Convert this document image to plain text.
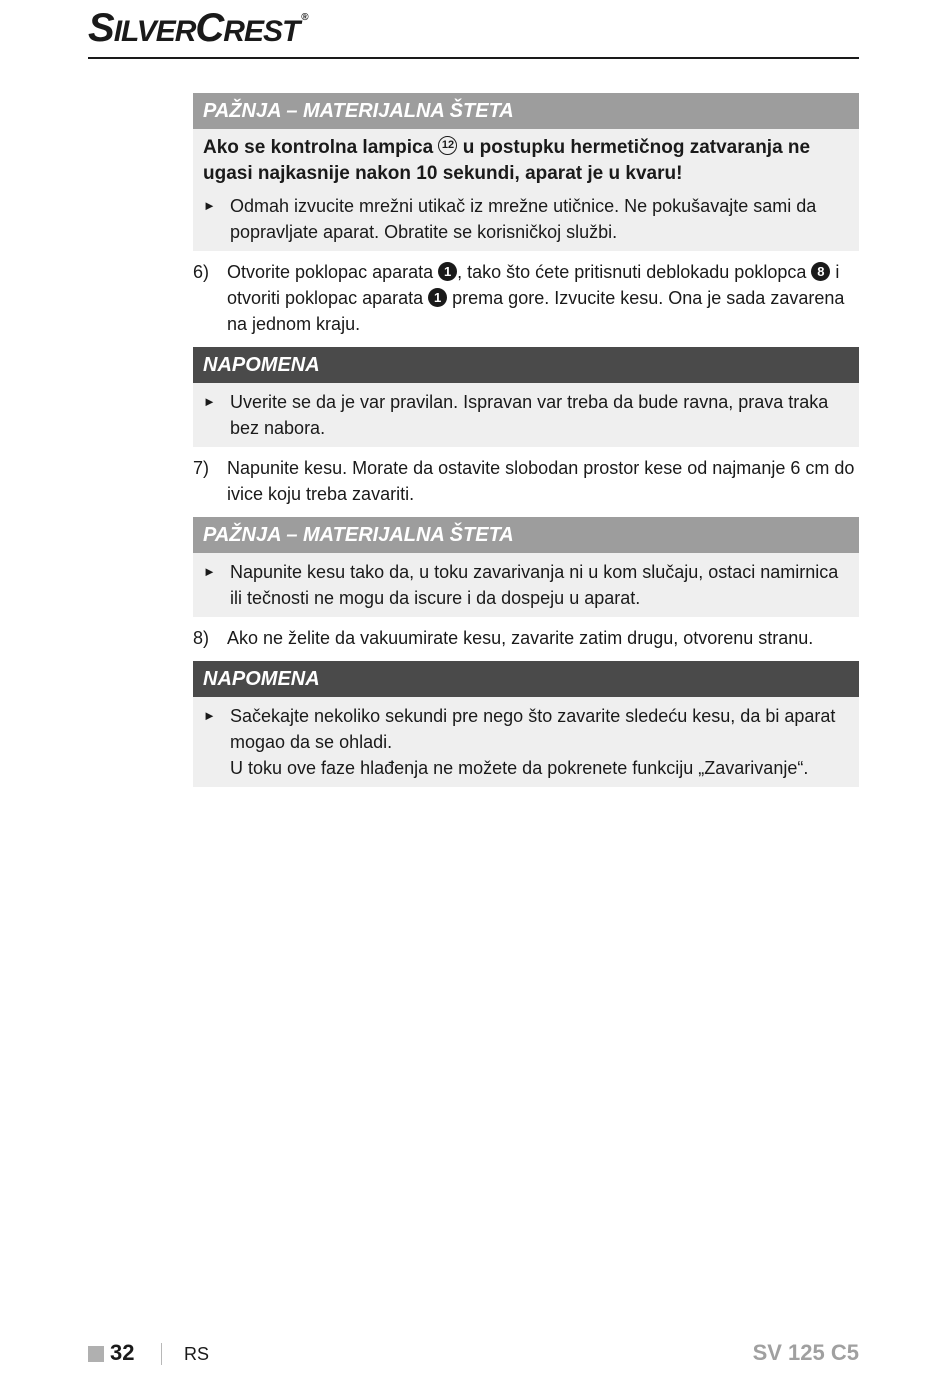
SILVERCREST ®
PAŽNJA – MATERIJALNA ŠTETA

Ako se kontrolna lampica 12 u postupku hermetičnog zatvaranja ne ugasi najkasnije nakon 10 sekundi, aparat je u kvaru!

► Odmah izvucite mrežni utikač iz mrežne utičnice. Ne pokušavajte sami da popravljate aparat. Obratite se korisničkoj službi.
6) Otvorite poklopac aparata 1 , tako što ćete pritisnuti deblokadu poklopca 8 i otvoriti poklopac aparata 1 prema gore. Izvucite kesu. Ona je sada zavarena na jednom kraju.
NAPOMENA
► Uverite se da je var pravilan. Ispravan var treba da bude ravna, prava traka bez nabora.
7) Napunite kesu. Morate da ostavite slobodan prostor kese od najmanje 6 cm do ivice koju treba zavariti.
PAŽNJA – MATERIJALNA ŠTETA
► Napunite kesu tako da, u toku zavarivanja ni u kom slučaju, ostaci namirnica ili tečnosti ne mogu da iscure i da dospeju u aparat.
8) Ako ne želite da vakuumirate kesu, zavarite zatim drugu, otvorenu stranu.
NAPOMENA
► Sačekajte nekoliko sekundi pre nego što zavarite sledeću kesu, da bi aparat mogao da se ohladi.
U toku ove faze hlađenja ne možete da pokrenete funkciju „Zavarivanje“.
32	RS	SV 125 C5
